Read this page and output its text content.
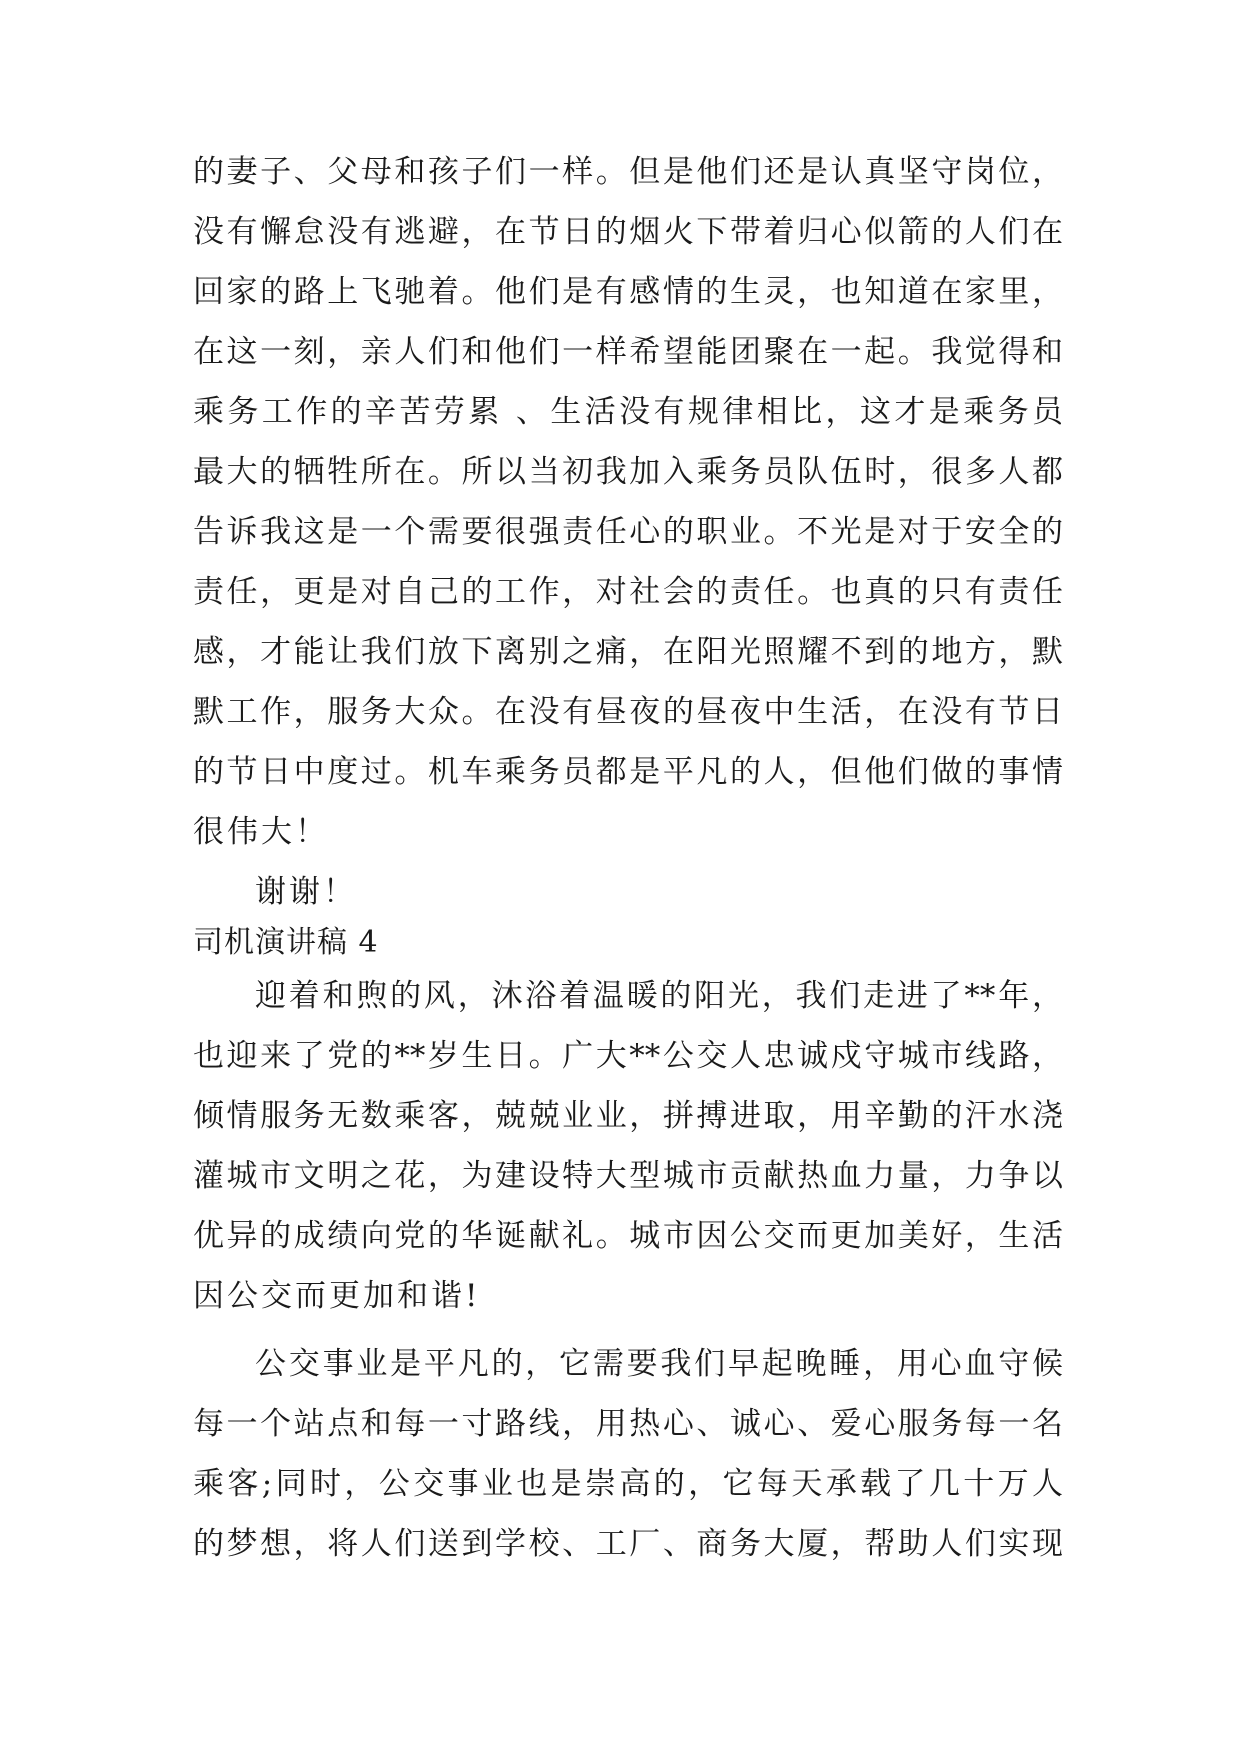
的妻子、父母和孩子们一样。但是他们还是认真坚守岗位，
没有懈怠没有逃避，在节日的烟火下带着归心似箭的人们在
回家的路上飞驰着。他们是有感情的生灵，也知道在家里，
在这一刻，亲人们和他们一样希望能团聚在一起。我觉得和
乘务工作的辛苦劳累 、生活没有规律相比，这才是乘务员
最大的牺牲所在。所以当初我加入乘务员队伍时，很多人都
告诉我这是一个需要很强责任心的职业。不光是对于安全的
责任，更是对自己的工作，对社会的责任。也真的只有责任
感，才能让我们放下离别之痛，在阳光照耀不到的地方，默
默工作，服务大众。在没有昼夜的昼夜中生活，在没有节日
的节日中度过。机车乘务员都是平凡的人，但他们做的事情
很伟大！
谢谢！
司机演讲稿 4
迎着和煦的风，沐浴着温暖的阳光，我们走进了**年，
也迎来了党的**岁生日。广大**公交人忠诚戍守城市线路，
倾情服务无数乘客，兢兢业业，拼搏进取，用辛勤的汗水浇
灌城市文明之花，为建设特大型城市贡献热血力量，力争以
优异的成绩向党的华诞献礼。城市因公交而更加美好，生活
因公交而更加和谐!
公交事业是平凡的，它需要我们早起晚睡，用心血守候
每一个站点和每一寸路线，用热心、诚心、爱心服务每一名
乘客;同时，公交事业也是崇高的，它每天承载了几十万人
的梦想，将人们送到学校、工厂、商务大厦，帮助人们实现
